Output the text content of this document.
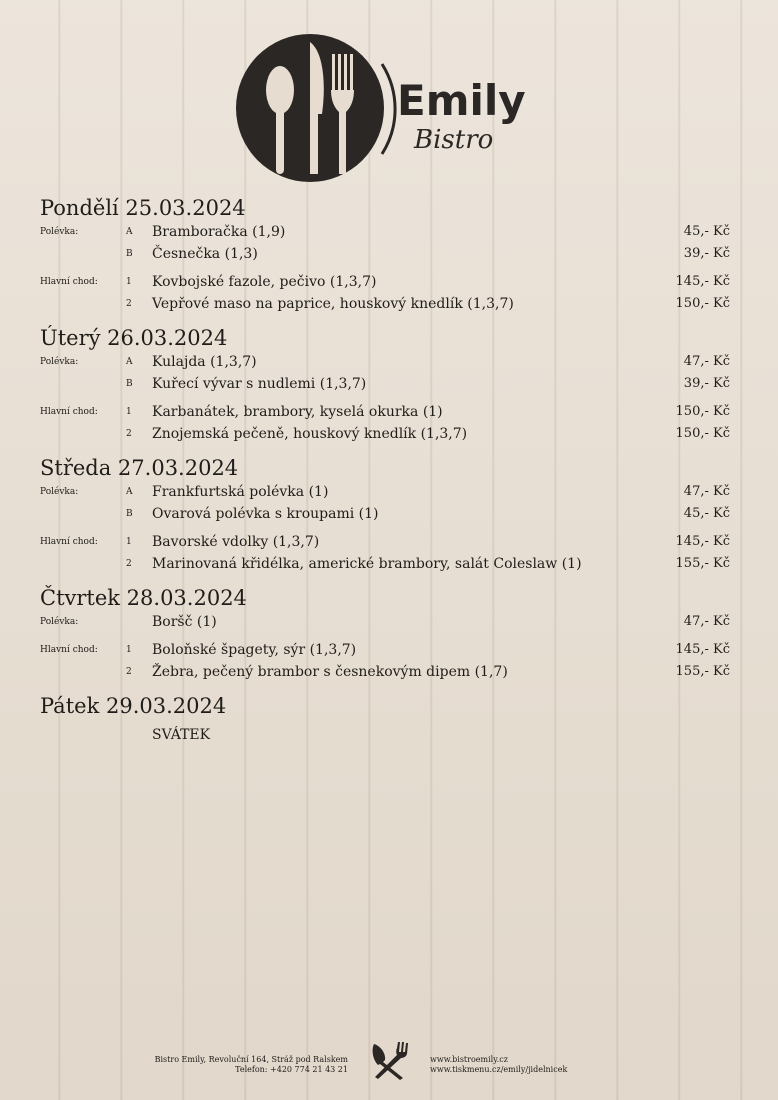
Emily
Bistro
Pondělí 25.03.2024
Polévka:	A Bramboračka (1,9)	45,- Kč
B Česnečka (1,3)	39,- Kč
Hlavní chod:	1 Kovbojské fazole, pečivo (1,3,7)	145,- Kč
2 Vepřové maso na paprice, houskový knedlík (1,3,7)	150,- Kč
Úterý 26.03.2024
Polévka:	A Kulajda (1,3,7)	47,- Kč
B Kuřecí vývar s nudlemi (1,3,7)	39,- Kč
Hlavní chod:	1 Karbanátek, brambory, kyselá okurka (1)	150,- Kč
2 Znojemská pečeně, houskový knedlík (1,3,7)	150,- Kč
Středa 27.03.2024
Polévka:	A Frankfurtská polévka (1)	47,- Kč
B Ovarová polévka s kroupami (1)	45,- Kč
Hlavní chod:	1 Bavorské vdolky (1,3,7)	145,- Kč
2 Marinovaná křidélka, americké brambory, salát Coleslaw (1)	155,- Kč
Čtvrtek 28.03.2024
Polévka:	Boršč (1)	47,- Kč
Hlavní chod:	1 Boloňské špagety, sýr (1,3,7)	145,- Kč
2 Žebra, pečený brambor s česnekovým dipem (1,7)	155,- Kč
Pátek 29.03.2024
SVÁTEK
Bistro Emily, Revoluční 164, Stráž pod Ralskem
Telefon: +420 774 21 43 21
www.bistroemily.cz
www.tiskmenu.cz/emily/jidelnicek
